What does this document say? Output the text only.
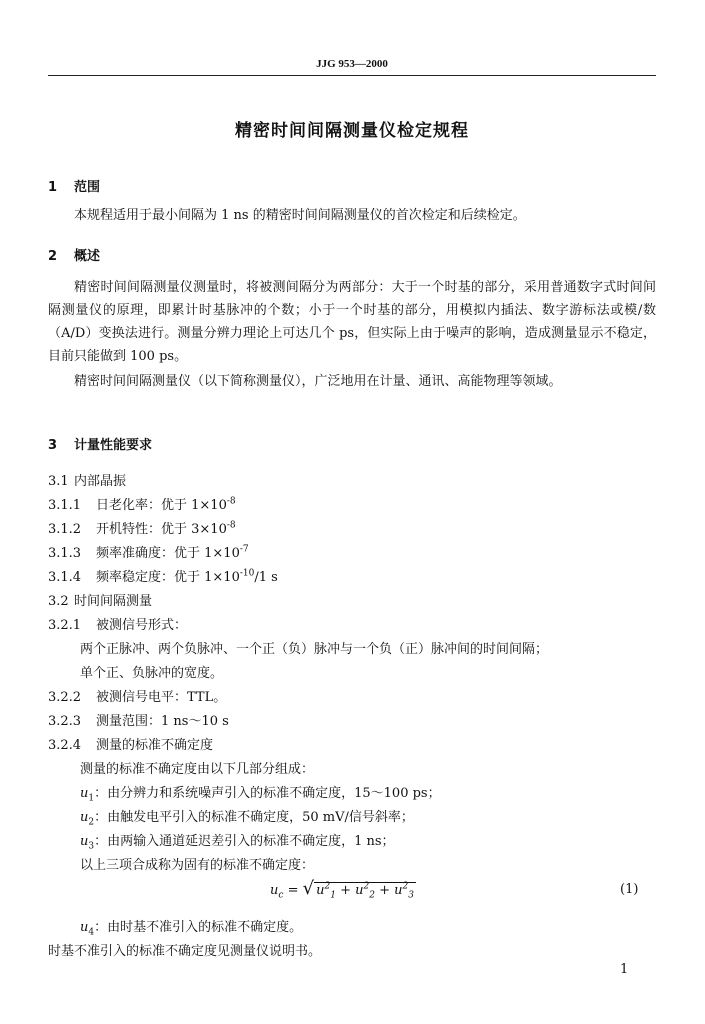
JJG 953—2000
精密时间间隔测量仪检定规程
1 范围
本规程适用于最小间隔为 1 ns 的精密时间间隔测量仪的首次检定和后续检定。
2 概述
精密时间间隔测量仪测量时，将被测间隔分为两部分：大于一个时基的部分，采用普通数字式时间间隔测量仪的原理，即累计时基脉冲的个数；小于一个时基的部分，用模拟内插法、数字游标法或模/数（A/D）变换法进行。测量分辨力理论上可达几个 ps，但实际上由于噪声的影响，造成测量显示不稳定，目前只能做到 100 ps。
精密时间间隔测量仪（以下简称测量仪），广泛地用在计量、通讯、高能物理等领域。
3 计量性能要求
3.1 内部晶振
3.1.1 日老化率：优于 $1\times 10^{-8}$
3.1.2 开机特性：优于 $3\times 10^{-8}$
3.1.3 频率准确度：优于 $1\times 10^{-7}$
3.1.4 频率稳定度：优于 $1\times 10^{-10}/1$ s
3.2 时间间隔测量
3.2.1 被测信号形式：
两个正脉冲、两个负脉冲、一个正（负）脉冲与一个负（正）脉冲间的时间间隔；
单个正、负脉冲的宽度。
3.2.2 被测信号电平：TTL。
3.2.3 测量范围：1 ns～10 s
3.2.4 测量的标准不确定度
测量的标准不确定度由以下几部分组成：
$u_1$：由分辨力和系统噪声引入的标准不确定度，15～100 ps；
$u_2$：由触发电平引入的标准不确定度，50 mV/信号斜率；
$u_3$：由两输入通道延迟差引入的标准不确定度，1 ns；
以上三项合成称为固有的标准不确定度：
$u_c$ = √ $u^2_1 + u^2_2 + u^2_3$	(1)
$u_4$：由时基不准引入的标准不确定度。
时基不准引入的标准不确定度见测量仪说明书。
1
